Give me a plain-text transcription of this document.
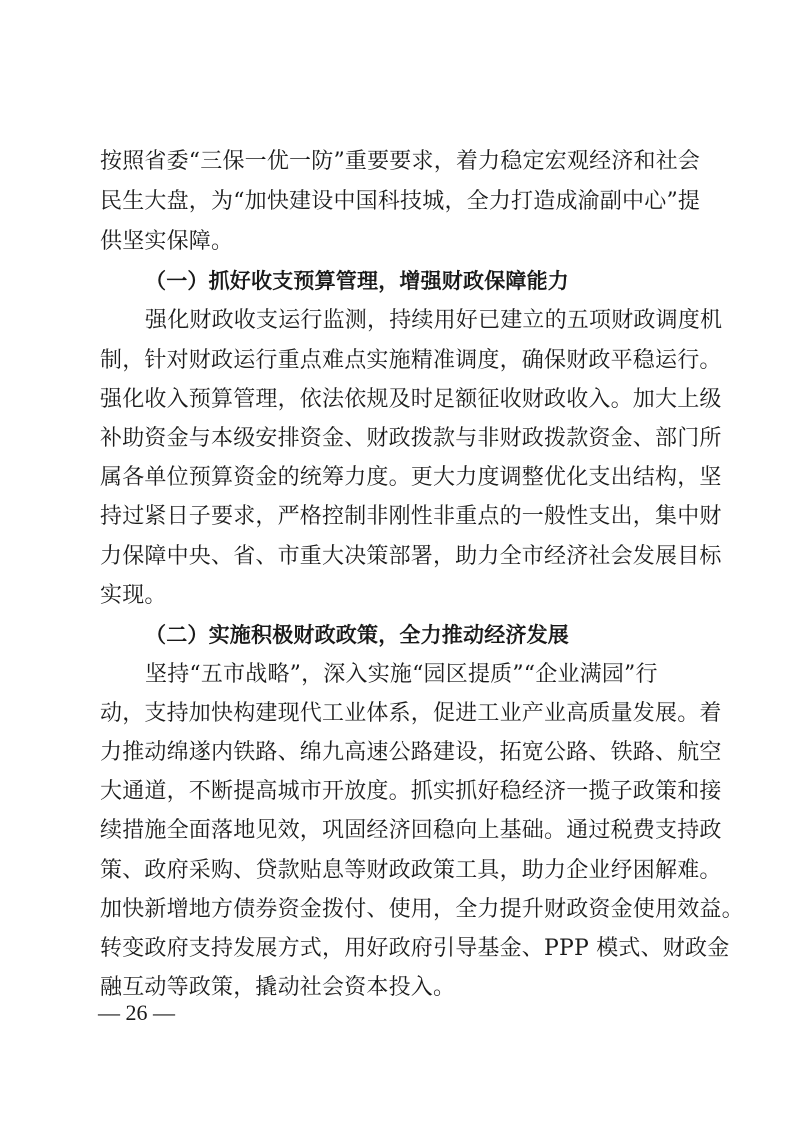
按照省委“三保一优一防”重要要求，着力稳定宏观经济和社会
民生大盘，为“加快建设中国科技城，全力打造成渝副中心”提
供坚实保障。
（一）抓好收支预算管理，增强财政保障能力
强化财政收支运行监测，持续用好已建立的五项财政调度机
制，针对财政运行重点难点实施精准调度，确保财政平稳运行。
强化收入预算管理，依法依规及时足额征收财政收入。加大上级
补助资金与本级安排资金、财政拨款与非财政拨款资金、部门所
属各单位预算资金的统筹力度。更大力度调整优化支出结构，坚
持过紧日子要求，严格控制非刚性非重点的一般性支出，集中财
力保障中央、省、市重大决策部署，助力全市经济社会发展目标
实现。
（二）实施积极财政政策，全力推动经济发展
坚持“五市战略”，深入实施“园区提质”“企业满园”行
动，支持加快构建现代工业体系，促进工业产业高质量发展。着
力推动绵遂内铁路、绵九高速公路建设，拓宽公路、铁路、航空
大通道，不断提高城市开放度。抓实抓好稳经济一揽子政策和接
续措施全面落地见效，巩固经济回稳向上基础。通过税费支持政
策、政府采购、贷款贴息等财政政策工具，助力企业纾困解难。
加快新增地方债券资金拨付、使用，全力提升财政资金使用效益。
转变政府支持发展方式，用好政府引导基金、PPP 模式、财政金
融互动等政策，撬动社会资本投入。
— 26 —
